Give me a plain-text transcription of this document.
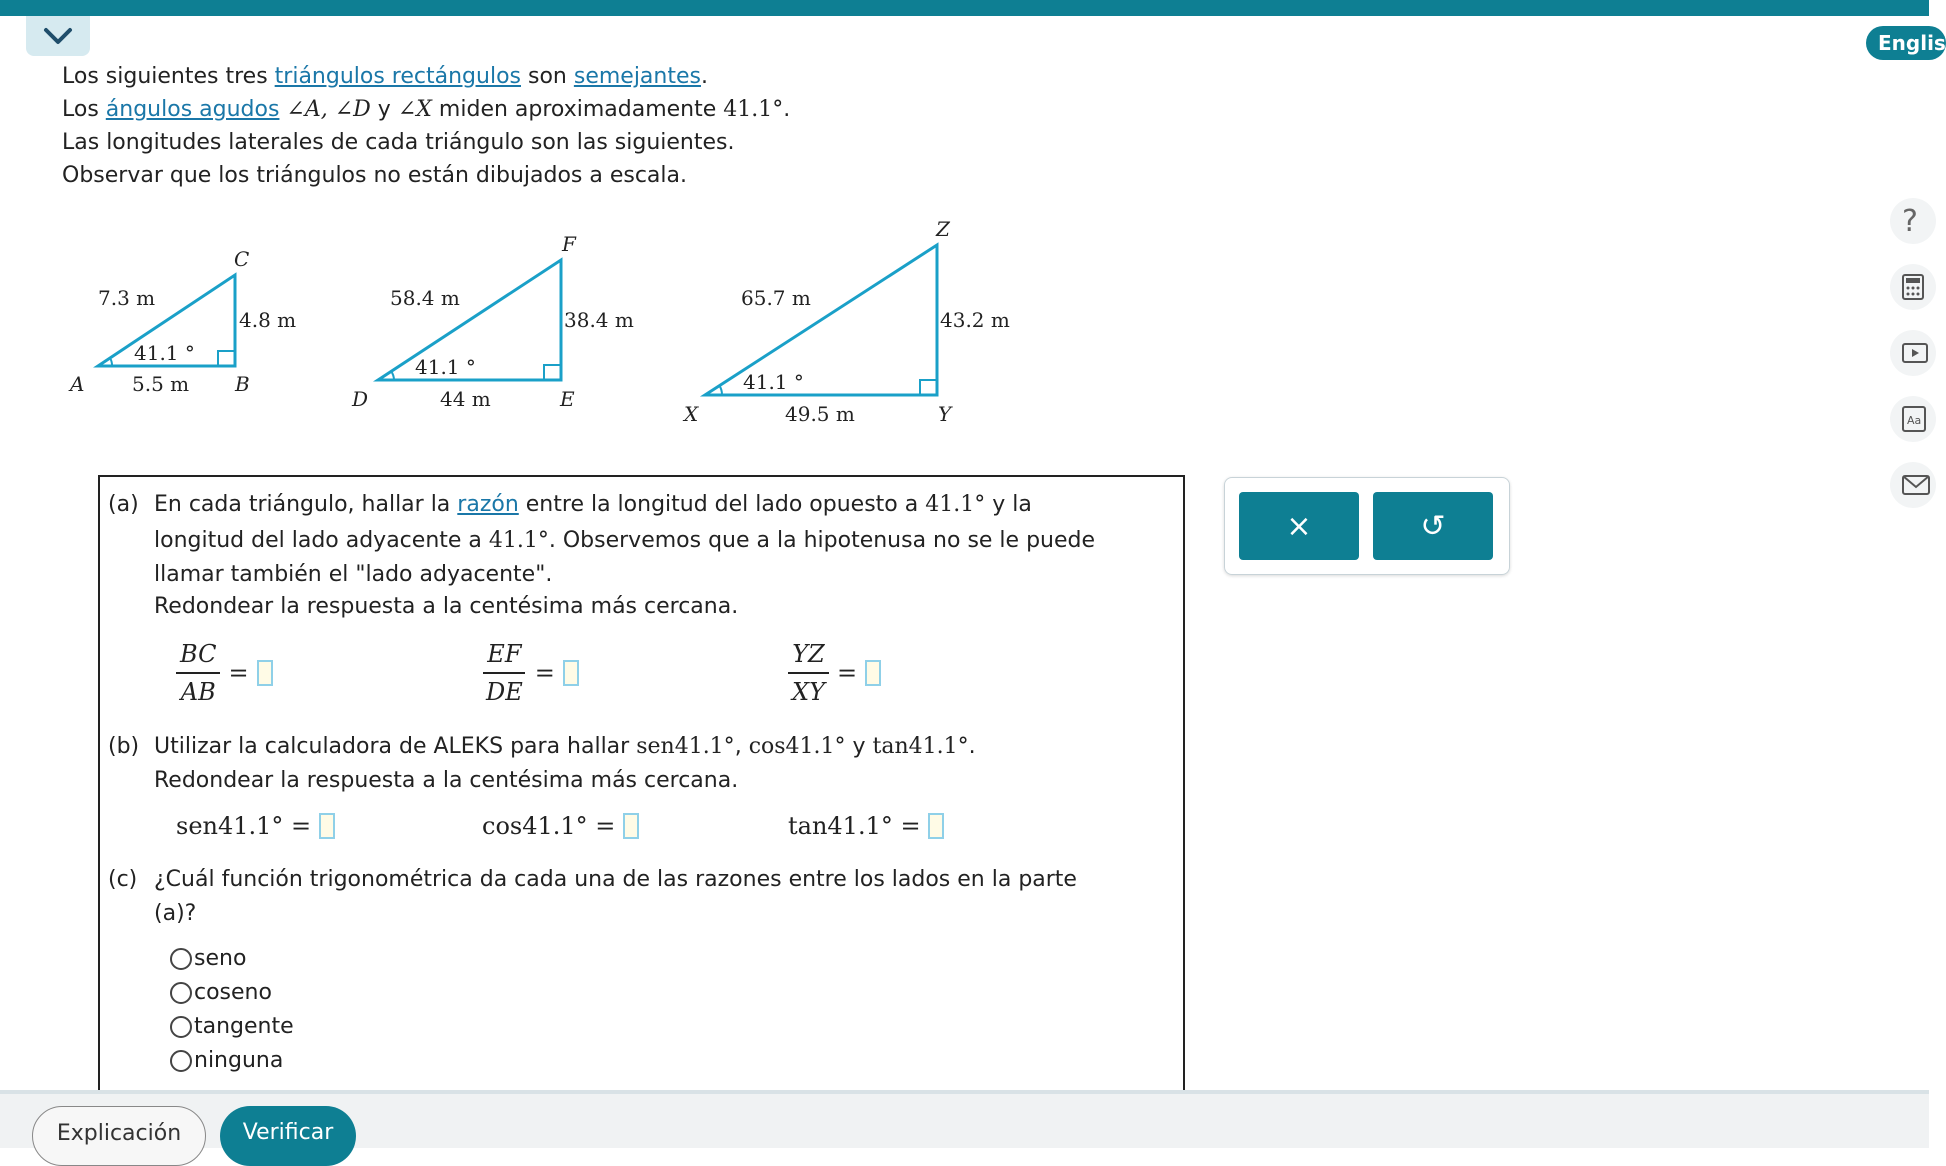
Englis

Los siguientes tres triángulos rectángulos son semejantes.

Los ángulos agudos ∠A, ∠D y ∠X miden aproximadamente 41.1°.

Las longitudes laterales de cada triángulo son las siguientes.

Observar que los triángulos no están dibujados a escala.

?
Aa
A	B
C
7.3 m
4.8 m
5.5 m
41.1 °
D	E
F
58.4 m
38.4 m
44 m
41.1 °
X	Y
Z
65.7 m
43.2 m
49.5 m
41.1 °
(a) En cada triángulo, hallar la razón entre la longitud del lado opuesto a 41.1° y la
longitud del lado adyacente a 41.1°. Observemos que a la hipotenusa no se le puede
llamar también el "lado adyacente".
Redondear la respuesta a la centésima más cercana.
$\frac{BC}{AB}$ =	$\frac{EF}{DE}$ =	$\frac{YZ}{XY}$ =
(b) Utilizar la calculadora de ALEKS para hallar sen41.1°, cos41.1° y tan41.1°.
Redondear la respuesta a la centésima más cercana.
sen41.1° =
	cos41.1° =
	tan41.1° =

(c) ¿Cuál función trigonométrica da cada una de las razones entre los lados en la parte
(a)?
seno
coseno
tangente
ninguna
×	↺
Explicación	Verificar
